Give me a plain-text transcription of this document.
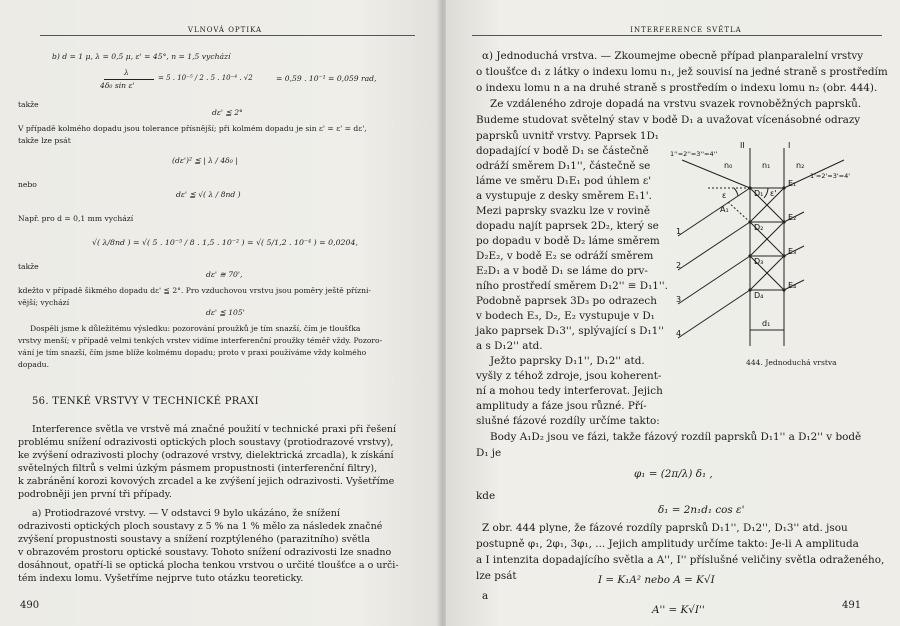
VLNOVÁ OPTIKA
b) d = 1 μ, λ = 0,5 μ, ε' = 45°, n = 1,5 vychází
λ
4δ₀ sin ε'
= 5 . 10⁻⁵ / 2 . 5 . 10⁻⁴ . √2	= 0,59 . 10⁻¹ = 0,059 rad,
takže
dε' ≦ 2°
V případě kolmého dopadu jsou tolerance přísnější; při kolmém dopadu je sin ε' = ε' = dε',
takže lze psát
(dε')² ≦ | λ / 4δ₀ |
nebo
dε' ≦ √( λ / 8nd )
Např. pro d = 0,1 mm vychází
√( λ/8nd ) = √( 5 . 10⁻⁵ / 8 . 1,5 . 10⁻² ) = √( 5/1,2 . 10⁻⁴ ) = 0,0204,
takže
dε' ≅ 70',
kdežto v případě šikmého dopadu dε' ≦ 2°. Pro vzduchovou vrstvu jsou poměry ještě přízni-
vější; vychází
dε' ≦ 105'
Dospěli jsme k důležitému výsledku: pozorování proužků je tím snazší, čím je tloušťka
vrstvy menší; v případě velmi tenkých vrstev vidíme interferenční proužky téměř vždy. Pozoro-
vání je tím snazší, čím jsme blíže kolmému dopadu; proto v praxi používáme vždy kolmého
dopadu.
56. TENKÉ VRSTVY V TECHNICKÉ PRAXI
Interference světla ve vrstvě má značné použití v technické praxi při řešení
problému snížení odrazivosti optických ploch soustavy (protiodrazové vrstvy),
ke zvýšení odrazivosti plochy (odrazové vrstvy, dielektrická zrcadla), k získání
světelných filtrů s velmi úzkým pásmem propustnosti (interferenční filtry),
k zabránění korozi kovových zrcadel a ke zvýšení jejich odrazivosti. Vyšetříme
podrobněji jen první tři případy.
a) Protiodrazové vrstvy. — V odstavci 9 bylo ukázáno, že snížení
odrazivosti optických ploch soustavy z 5 % na 1 % mělo za následek značné
zvýšení propustnosti soustavy a snížení rozptýleného (parazitního) světla
v obrazovém prostoru optické soustavy. Tohoto snížení odrazivosti lze snadno
dosáhnout, opatří-li se optická plocha tenkou vrstvou o určité tloušťce a o urči-
tém indexu lomu. Vyšetříme nejprve tuto otázku teoreticky.
490
INTERFERENCE SVĚTLA
α) Jednoduchá vrstva. — Zkoumejme obecně případ planparalelní vrstvy
o tloušťce d₁ z látky o indexu lomu n₁, jež souvisí na jedné straně s prostředím
o indexu lomu n a na druhé straně s prostředím o indexu lomu n₂ (obr. 444).
Ze vzdáleného zdroje dopadá na vrstvu svazek rovnoběžných paprsků.
Budeme studovat světelný stav v bodě D₁ a uvažovat vícenásobné odrazy
paprsků uvnitř vrstvy. Paprsek 1D₁
dopadající v bodě D₁ se částečně
odráží směrem D₁1'', částečně se
láme ve směru D₁E₁ pod úhlem ε'
a vystupuje z desky směrem E₁1'.
Mezi paprsky svazku lze v rovině
dopadu najít paprsek 2D₂, který se
po dopadu v bodě D₂ láme směrem
D₂E₂, v bodě E₂ se odráží směrem
E₂D₁ a v bodě D₁ se láme do prv-
ního prostředí směrem D₁2'' ≡ D₁1''.
Podobně paprsek 3D₃ po odrazech
v bodech E₃, D₂, E₂ vystupuje v D₁
jako paprsek D₁3'', splývající s D₁1''
a s D₁2'' atd.
Ježto paprsky D₁1'', D₁2'' atd.
vyšly z téhož zdroje, jsou koherent-
ní a mohou tedy interferovat. Jejich
amplitudy a fáze jsou různé. Pří-
slušné fázové rozdíly určíme takto:
Body A₁D₂ jsou ve fázi, takže fázový rozdíl paprsků D₁1'' a D₁2'' v bodě
D₁ je
φ₁ = (2π/λ) δ₁ ,
kde
δ₁ = 2n₁d₁ cos ε'
Z obr. 444 plyne, že fázové rozdíly paprsků D₁1'', D₁2'', D₁3'' atd. jsou
postupně φ₁, 2φ₁, 3φ₁, ... Jejich amplitudy určíme takto: Je-li A amplituda
a I intenzita dopadajícího světla a A'', I'' příslušné veličiny světla odraženého,
lze psát	I = K₁A² nebo A = K√I
a
A'' = K√I''	491
II	I
1''=2''=3''=4''
1'=2'=3'=4'
n₀	n₁	n₂
ε	ε'
A₁
D₁
D₂
D₃
D₄
E₁
E₂
E₃
E₄
d₁
1
2
3
4
444. Jednoduchá vrstva
